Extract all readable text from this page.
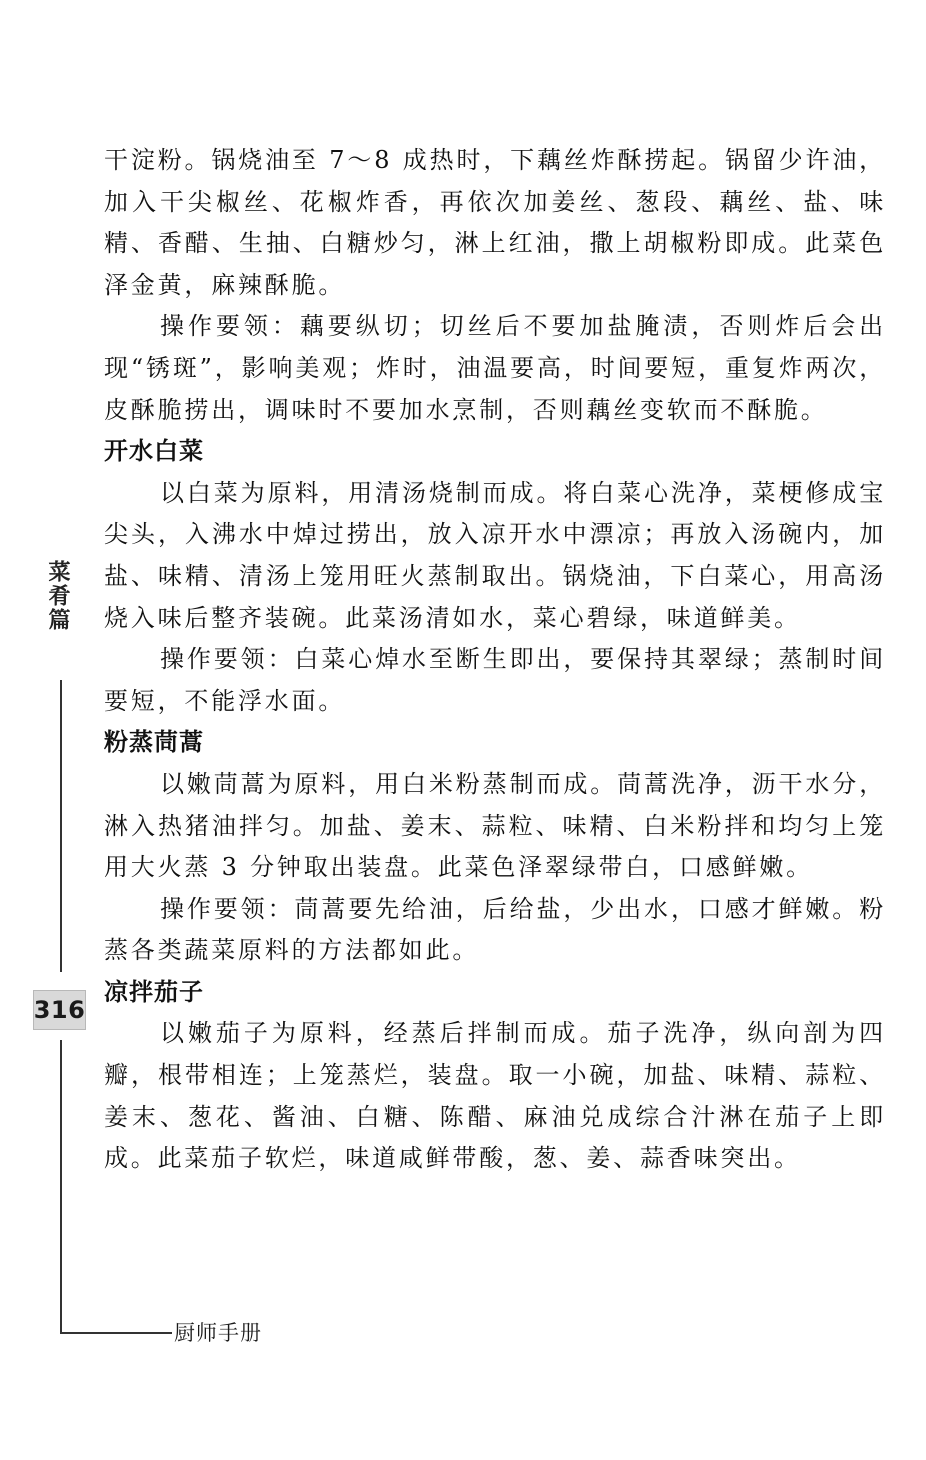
干淀粉。锅烧油至 7～8 成热时，下藕丝炸酥捞起。锅留少许油，加入干尖椒丝、花椒炸香，再依次加姜丝、葱段、藕丝、盐、味精、香醋、生抽、白糖炒匀，淋上红油，撒上胡椒粉即成。此菜色泽金黄，麻辣酥脆。

操作要领：藕要纵切；切丝后不要加盐腌渍，否则炸后会出现“锈斑”，影响美观；炸时，油温要高，时间要短，重复炸两次，皮酥脆捞出，调味时不要加水烹制，否则藕丝变软而不酥脆。

开水白菜

以白菜为原料，用清汤烧制而成。将白菜心洗净，菜梗修成宝尖头，入沸水中焯过捞出，放入凉开水中漂凉；再放入汤碗内，加盐、味精、清汤上笼用旺火蒸制取出。锅烧油，下白菜心，用高汤烧入味后整齐装碗。此菜汤清如水，菜心碧绿，味道鲜美。

操作要领：白菜心焯水至断生即出，要保持其翠绿；蒸制时间要短，不能浮水面。

粉蒸茼蒿

以嫩茼蒿为原料，用白米粉蒸制而成。茼蒿洗净，沥干水分，淋入热猪油拌匀。加盐、姜末、蒜粒、味精、白米粉拌和均匀上笼用大火蒸 3 分钟取出装盘。此菜色泽翠绿带白，口感鲜嫩。

操作要领：茼蒿要先给油，后给盐，少出水，口感才鲜嫩。粉蒸各类蔬菜原料的方法都如此。

凉拌茄子

以嫩茄子为原料，经蒸后拌制而成。茄子洗净，纵向剖为四瓣，根带相连；上笼蒸烂，装盘。取一小碗，加盐、味精、蒜粒、姜末、葱花、酱油、白糖、陈醋、麻油兑成综合汁淋在茄子上即成。此菜茄子软烂，味道咸鲜带酸，葱、姜、蒜香味突出。

菜肴篇
316
厨师手册
